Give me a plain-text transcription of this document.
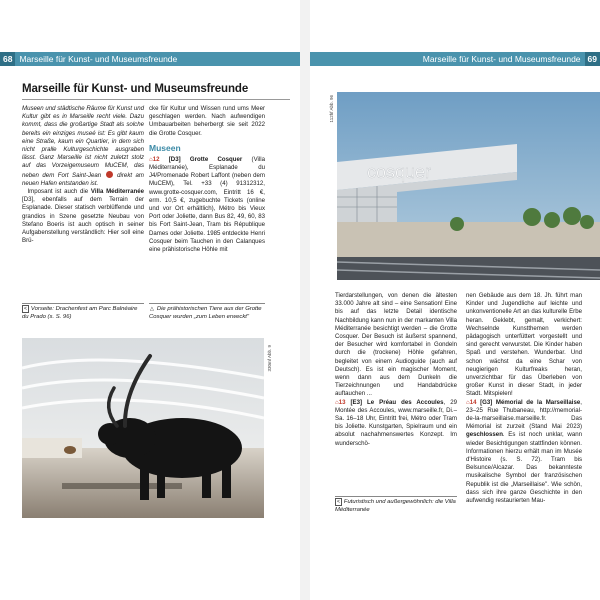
68 Marseille für Kunst- und Museumsfreunde	Marseille für Kunst- und Museumsfreunde 69
Marseille für Kunst- und Museumsfreunde

Museen und städtische Räume für Kunst und Kultur gibt es in Marseille recht viele. Dazu kommt, dass die großartige Stadt als solche bereits ein einziges museé ist: Es gibt kaum eine Straße, kaum ein Quartier, in dem sich nicht pralle Kulturgeschichte ausgraben lässt. Ganz Marseille ist nicht zuletzt stolz auf das Vorzeigemuseum MuCEM, das neben dem Fort Saint-Jean	direkt am neuen Hafen entstanden ist.

Imposant ist auch die Villa Méditerranée [D3], ebenfalls auf dem Terrain der Esplanade. Dieser statisch verblüffende und grandios in Szene gesetzte Neubau von Stefano Boeris ist auch optisch in seiner Aufgabenstellung verständlich: Hier soll eine Brü-

cke für Kultur und Wissen rund ums Meer geschlagen werden. Nach aufwendigen Umbauarbeiten beherbergt sie seit 2022 die Grotte Cosquer.

Museen

⌂12 [D3] Grotte Cosquer (Villa Méditerranée), Esplanade du J4/Promenade Robert Laffont (neben dem MuCEM), Tel. +33 (4) 91312312, www.grotte-cosquer.com, Eintritt 16 €, erm. 10,5 €, zugebuchte Tickets (online und vor Ort erhältlich), Métro bis Vieux Port oder Joliette, dann Bus 82, 49, 60, 83 bis Fort Saint-Jean, Tram bis République Dames oder Joliette. 1985 entdeckte Henri Cosquer beim Tauchen in den Calanques eine prähistorische Höhle mit

< Vorseite: Drachenfest am Parc Balnéaire du Prado (s. S. 96)
△ Die prähistorischen Tiere aus der Grotte Cosquer wurden „zum Leben erweckt"
330mf Abb. 9
cosquer
112hf Abb. 96

Tierdarstellungen, von denen die ältesten 33.000 Jahre alt sind – eine Sensation! Eine bis auf das letzte Detail identische Nachbildung kann nun in der markanten Villa Méditerranée besichtigt werden – die Grotte Cosquer. Der Besuch ist äußerst spannend, der Besucher wird komfortabel in Gondeln durch die (trockene) Höhle gefahren, begleitet von einem Audioguide (auch auf Deutsch). Es ist ein magischer Moment, wenn dann aus dem Dunkeln die Tierzeichnungen und Handabdrücke auftauchen ...

⌂13 [E3] Le Préau des Accoules, 29 Montée des Accoules, www.marseille.fr, Di.–Sa. 16–18 Uhr, Eintritt frei, Métro oder Tram bis Joliette. Kunstgarten, Spielraum und ein absolut nachahmenswertes Konzept. Im wunderschö-

nen Gebäude aus dem 18. Jh. führt man Kinder und Jugendliche auf leichte und unkonventionelle Art an das kulturelle Erbe heran. Geklebt, gemalt, verkichert: Wechselnde Kunstthemen werden pädagogisch unterfüttert vorgestellt und sind gerecht verwurstet. Die Kinder haben Spaß und verstehen. Wunderbar. Und schon wächst da eine Schar von neugierigen Kulturfreaks heran, unverzichtbar für das Überleben von großer Kunst in dieser Stadt, in jeder Stadt. Mitspielen!

⌂14 [G3] Mémorial de la Marseillaise, 23–25 Rue Thubaneau, http://memorial-de-la-marseillaise.marseille.fr. Das Mémorial ist zurzeit (Stand Mai 2023) geschlossen. Es ist noch unklar, wann wieder Besichtigungen stattfinden können. Informationen hierzu erhält man im Musée d'Histoire (s. S. 72). Tram bis Belsunce/Alcazar. Das bekannteste musikalische Symbol der französischen Republik ist die „Marseillaise". Wie schön, dass sich ihre ganze Geschichte in den aufwendig restaurierten Mau-

< Futuristisch und außergewöhnlich: die Villa Méditerranée
